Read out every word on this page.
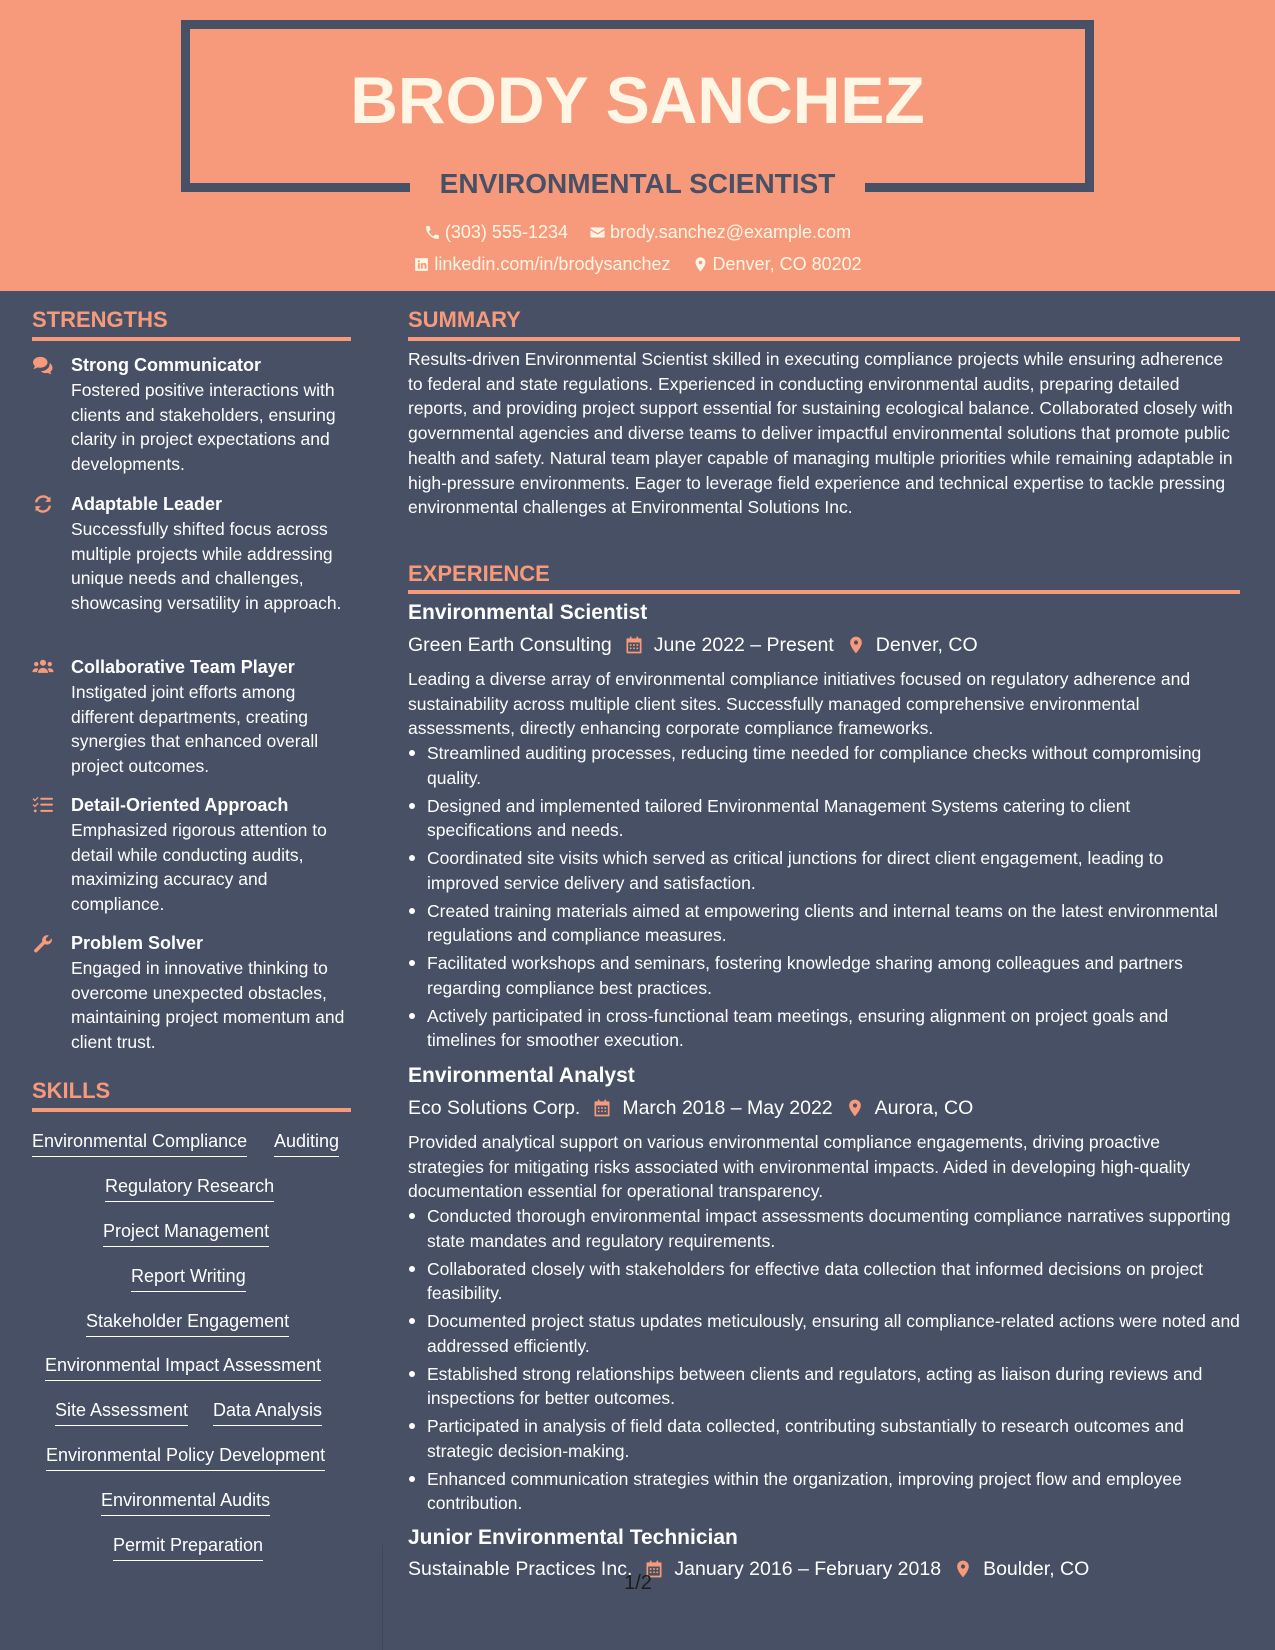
BRODY SANCHEZ
ENVIRONMENTAL SCIENTIST
(303) 555-1234
brody.sanchez@example.com
linkedin.com/in/brodysanchez
Denver, CO 80202
STRENGTHS
Strong Communicator
Fostered positive interactions with clients and stakeholders, ensuring clarity in project expectations and developments.
Adaptable Leader
Successfully shifted focus across multiple projects while addressing unique needs and challenges, showcasing versatility in approach.
Collaborative Team Player
Instigated joint efforts among different departments, creating synergies that enhanced overall project outcomes.
Detail-Oriented Approach
Emphasized rigorous attention to detail while conducting audits, maximizing accuracy and compliance.
Problem Solver
Engaged in innovative thinking to overcome unexpected obstacles, maintaining project momentum and client trust.
SKILLS
Environmental Compliance Auditing
Regulatory Research
Project Management
Report Writing
Stakeholder Engagement
Environmental Impact Assessment
Site Assessment Data Analysis
Environmental Policy Development
Environmental Audits
Permit Preparation
SUMMARY
Results-driven Environmental Scientist skilled in executing compliance projects while ensuring adherence to federal and state regulations. Experienced in conducting environmental audits, preparing detailed reports, and providing project support essential for sustaining ecological balance. Collaborated closely with governmental agencies and diverse teams to deliver impactful environmental solutions that promote public health and safety. Natural team player capable of managing multiple priorities while remaining adaptable in high-pressure environments. Eager to leverage field experience and technical expertise to tackle pressing environmental challenges at Environmental Solutions Inc.
EXPERIENCE
Environmental Scientist
Green Earth Consulting June 2022 – Present Denver, CO
Leading a diverse array of environmental compliance initiatives focused on regulatory adherence and sustainability across multiple client sites. Successfully managed comprehensive environmental assessments, directly enhancing corporate compliance frameworks.
Streamlined auditing processes, reducing time needed for compliance checks without compromising quality.
Designed and implemented tailored Environmental Management Systems catering to client specifications and needs.
Coordinated site visits which served as critical junctions for direct client engagement, leading to improved service delivery and satisfaction.
Created training materials aimed at empowering clients and internal teams on the latest environmental regulations and compliance measures.
Facilitated workshops and seminars, fostering knowledge sharing among colleagues and partners regarding compliance best practices.
Actively participated in cross-functional team meetings, ensuring alignment on project goals and timelines for smoother execution.
Environmental Analyst
Eco Solutions Corp. March 2018 – May 2022 Aurora, CO
Provided analytical support on various environmental compliance engagements, driving proactive strategies for mitigating risks associated with environmental impacts. Aided in developing high-quality documentation essential for operational transparency.
Conducted thorough environmental impact assessments documenting compliance narratives supporting state mandates and regulatory requirements.
Collaborated closely with stakeholders for effective data collection that informed decisions on project feasibility.
Documented project status updates meticulously, ensuring all compliance-related actions were noted and addressed efficiently.
Established strong relationships between clients and regulators, acting as liaison during reviews and inspections for better outcomes.
Participated in analysis of field data collected, contributing substantially to research outcomes and strategic decision-making.
Enhanced communication strategies within the organization, improving project flow and employee contribution.
Junior Environmental Technician
Sustainable Practices Inc. January 2016 – February 2018 Boulder, CO
1/2
